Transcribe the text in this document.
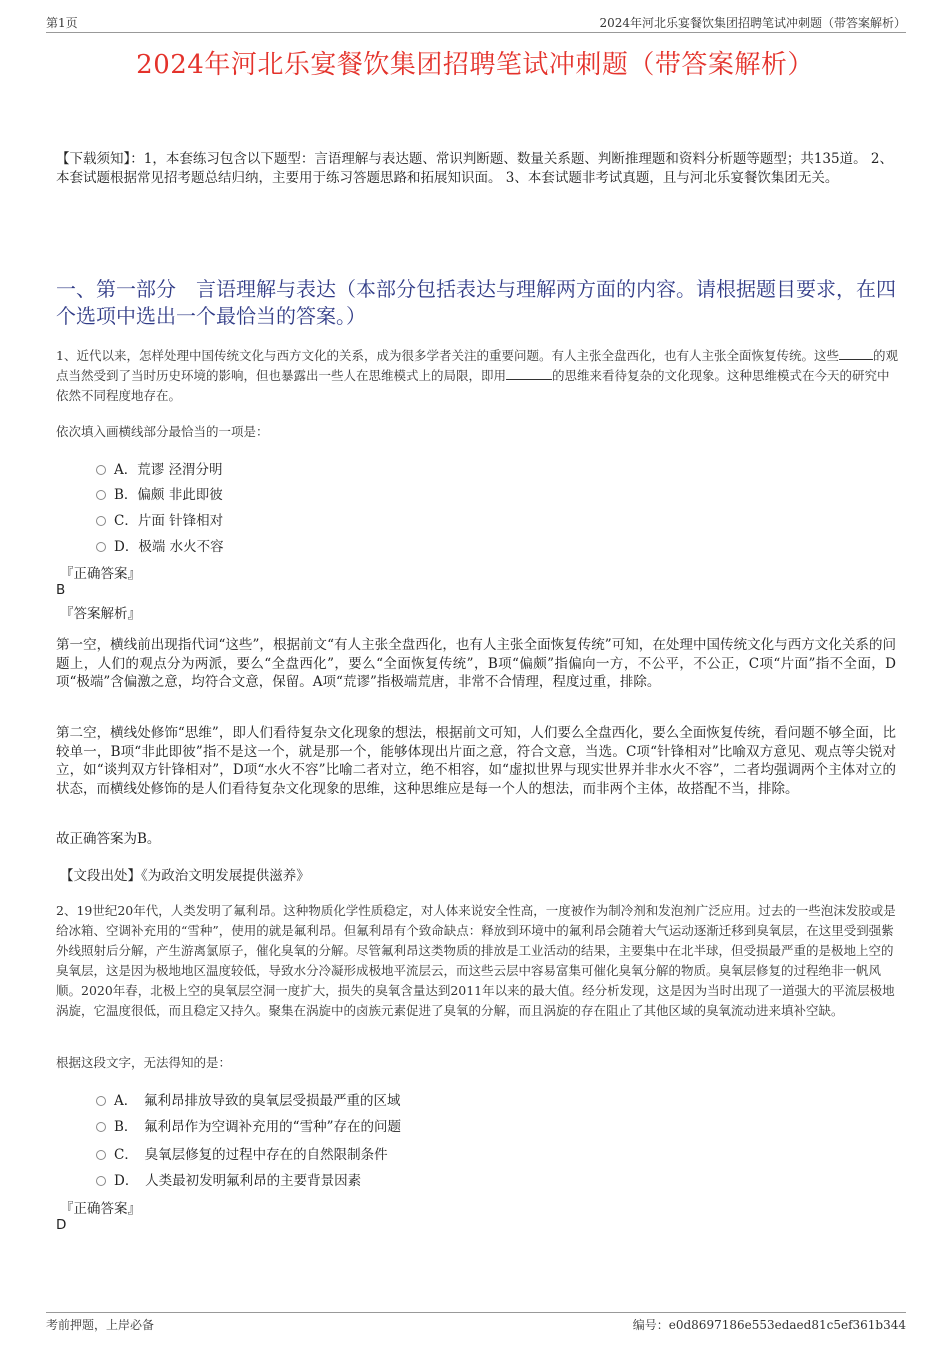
第1页	2024年河北乐宴餐饮集团招聘笔试冲刺题（带答案解析）
2024年河北乐宴餐饮集团招聘笔试冲刺题（带答案解析）
【下载须知】：1，本套练习包含以下题型：言语理解与表达题、常识判断题、数量关系题、判断推理题和资料分析题等题型；共135道。 2、本套试题根据常见招考题总结归纳，主要用于练习答题思路和拓展知识面。 3、本套试题非考试真题，且与河北乐宴餐饮集团无关。
一、第一部分　言语理解与表达（本部分包括表达与理解两方面的内容。请根据题目要求，在四个选项中选出一个最恰当的答案。）
1、近代以来，怎样处理中国传统文化与西方文化的关系，成为很多学者关注的重要问题。有人主张全盘西化，也有人主张全面恢复传统。这些	的观点当然受到了当时历史环境的影响，但也暴露出一些人在思维模式上的局限，即用	的思维来看待复杂的文化现象。这种思维模式在今天的研究中依然不同程度地存在。
依次填入画横线部分最恰当的一项是：
A．荒谬 泾渭分明
B．偏颇 非此即彼
C．片面 针锋相对
D．极端 水火不容
『正确答案』
B
『答案解析』
第一空，横线前出现指代词“这些”，根据前文“有人主张全盘西化，也有人主张全面恢复传统”可知，在处理中国传统文化与西方文化关系的问题上，人们的观点分为两派，要么“全盘西化”，要么“全面恢复传统”，B项“偏颇”指偏向一方，不公平，不公正，C项“片面”指不全面，D项“极端”含偏激之意，均符合文意，保留。A项“荒谬”指极端荒唐，非常不合情理，程度过重，排除。
第二空，横线处修饰“思维”，即人们看待复杂文化现象的想法，根据前文可知，人们要么全盘西化，要么全面恢复传统，看问题不够全面，比较单一，B项“非此即彼”指不是这一个，就是那一个，能够体现出片面之意，符合文意，当选。C项“针锋相对”比喻双方意见、观点等尖锐对立，如“谈判双方针锋相对”，D项“水火不容”比喻二者对立，绝不相容，如“虚拟世界与现实世界并非水火不容”，二者均强调两个主体对立的状态，而横线处修饰的是人们看待复杂文化现象的思维，这种思维应是每一个人的想法，而非两个主体，故搭配不当，排除。
故正确答案为B。
【文段出处】《为政治文明发展提供滋养》
2、19世纪20年代，人类发明了氟利昂。这种物质化学性质稳定，对人体来说安全性高，一度被作为制冷剂和发泡剂广泛应用。过去的一些泡沫发胶或是给冰箱、空调补充用的“雪种”，使用的就是氟利昂。但氟利昂有个致命缺点：释放到环境中的氟利昂会随着大气运动逐渐迁移到臭氧层，在这里受到强紫外线照射后分解，产生游离氯原子，催化臭氧的分解。尽管氟利昂这类物质的排放是工业活动的结果，主要集中在北半球，但受损最严重的是极地上空的臭氧层，这是因为极地地区温度较低，导致水分冷凝形成极地平流层云，而这些云层中容易富集可催化臭氧分解的物质。臭氧层修复的过程绝非一帆风顺。2020年春，北极上空的臭氧层空洞一度扩大，损失的臭氧含量达到2011年以来的最大值。经分析发现，这是因为当时出现了一道强大的平流层极地涡旋，它温度很低，而且稳定又持久。聚集在涡旋中的卤族元素促进了臭氧的分解，而且涡旋的存在阻止了其他区域的臭氧流动进来填补空缺。
根据这段文字，无法得知的是：
A．　氟利昂排放导致的臭氧层受损最严重的区域
B．　氟利昂作为空调补充用的“雪种”存在的问题
C．　臭氧层修复的过程中存在的自然限制条件
D．　人类最初发明氟利昂的主要背景因素
『正确答案』
D
考前押题，上岸必备	编号：e0d8697186e553edaed81c5ef361b344
